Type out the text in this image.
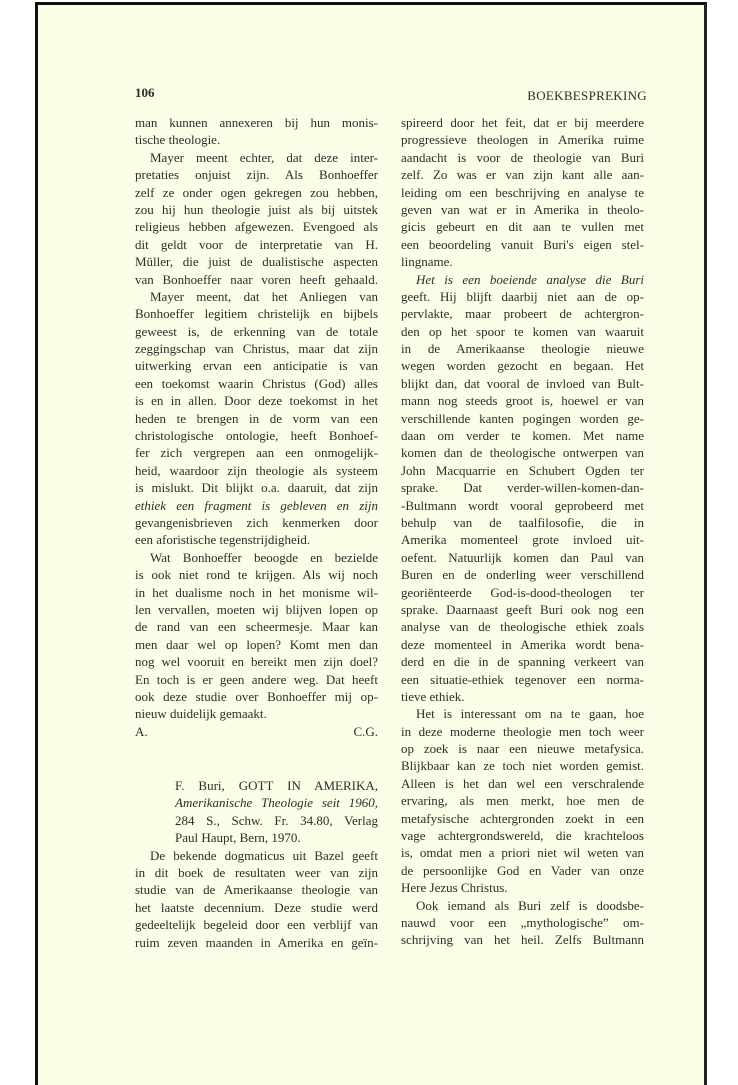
106	BOEKBESPREKING
man kunnen annexeren bij hun monis-
tische theologie.
Mayer meent echter, dat deze inter-
pretaties onjuist zijn. Als Bonhoeffer
zelf ze onder ogen gekregen zou hebben,
zou hij hun theologie juist als bij uitstek
religieus hebben afgewezen. Evengoed als
dit geldt voor de interpretatie van H.
Müller, die juist de dualistische aspecten
van Bonhoeffer naar voren heeft gehaald.
Mayer meent, dat het Anliegen van
Bonhoeffer legitiem christelijk en bijbels
geweest is, de erkenning van de totale
zeggingschap van Christus, maar dat zijn
uitwerking ervan een anticipatie is van
een toekomst waarin Christus (God) alles
is en in allen. Door deze toekomst in het
heden te brengen in de vorm van een
christologische ontologie, heeft Bonhoef-
fer zich vergrepen aan een onmogelijk-
heid, waardoor zijn theologie als systeem
is mislukt. Dit blijkt o.a. daaruit, dat zijn
ethiek een fragment is gebleven en zijn
gevangenisbrieven zich kenmerken door
een aforistische tegenstrijdigheid.
Wat Bonhoeffer beoogde en bezielde
is ook niet rond te krijgen. Als wij noch
in het dualisme noch in het monisme wil-
len vervallen, moeten wij blijven lopen op
de rand van een scheermesje. Maar kan
men daar wel op lopen? Komt men dan
nog wel vooruit en bereikt men zijn doel?
En toch is er geen andere weg. Dat heeft
ook deze studie over Bonhoeffer mij op-
nieuw duidelijk gemaakt.
A.	C.G.
F. Buri, GOTT IN AMERIKA,
Amerikanische Theologie seit 1960,
284 S., Schw. Fr. 34.80, Verlag
Paul Haupt, Bern, 1970.
De bekende dogmaticus uit Bazel geeft
in dit boek de resultaten weer van zijn
studie van de Amerikaanse theologie van
het laatste decennium. Deze studie werd
gedeeltelijk begeleid door een verblijf van
ruim zeven maanden in Amerika en geïn-
spireerd door het feit, dat er bij meerdere
progressieve theologen in Amerika ruime
aandacht is voor de theologie van Buri
zelf. Zo was er van zijn kant alle aan-
leiding om een beschrijving en analyse te
geven van wat er in Amerika in theolo-
gicis gebeurt en dit aan te vullen met
een beoordeling vanuit Buri's eigen stel-
lingname.
Het is een boeiende analyse die Buri
geeft. Hij blijft daarbij niet aan de op-
pervlakte, maar probeert de achtergron-
den op het spoor te komen van waaruit
in de Amerikaanse theologie nieuwe
wegen worden gezocht en begaan. Het
blijkt dan, dat vooral de invloed van Bult-
mann nog steeds groot is, hoewel er van
verschillende kanten pogingen worden ge-
daan om verder te komen. Met name
komen dan de theologische ontwerpen van
John Macquarrie en Schubert Ogden ter
sprake. Dat verder-willen-komen-dan-
-Bultmann wordt vooral geprobeerd met
behulp van de taalfilosofie, die in
Amerika momenteel grote invloed uit-
oefent. Natuurlijk komen dan Paul van
Buren en de onderling weer verschillend
georiënteerde God-is-dood-theologen ter
sprake. Daarnaast geeft Buri ook nog een
analyse van de theologische ethiek zoals
deze momenteel in Amerika wordt bena-
derd en die in de spanning verkeert van
een situatie-ethiek tegenover een norma-
tieve ethiek.
Het is interessant om na te gaan, hoe
in deze moderne theologie men toch weer
op zoek is naar een nieuwe metafysica.
Blijkbaar kan ze toch niet worden gemist.
Alleen is het dan wel een verschralende
ervaring, als men merkt, hoe men de
metafysische achtergronden zoekt in een
vage achtergrondswereld, die krachteloos
is, omdat men a priori niet wil weten van
de persoonlijke God en Vader van onze
Here Jezus Christus.
Ook iemand als Buri zelf is doodsbe-
nauwd voor een „mythologische” om-
schrijving van het heil. Zelfs Bultmann
